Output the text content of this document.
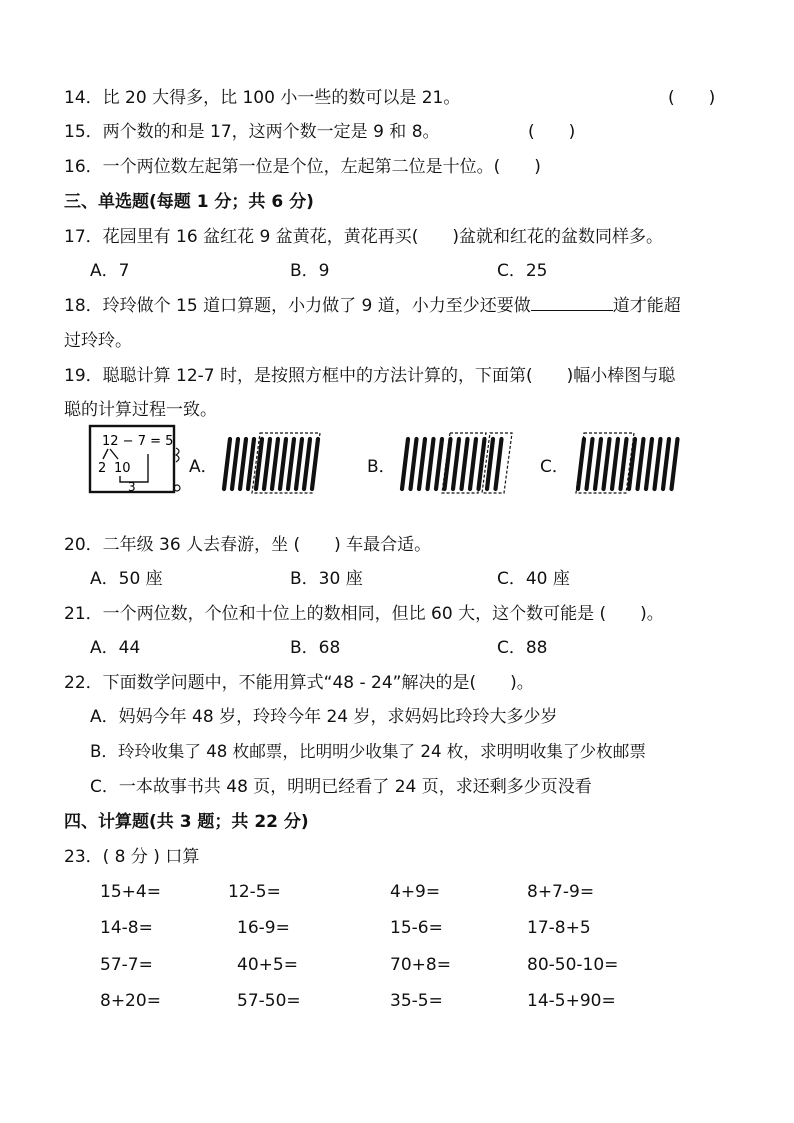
14．比 20 大得多，比 100 小一些的数可以是 21。	(　　)
15．两个数的和是 17，这两个数一定是 9 和 8。	(　　)
16．一个两位数左起第一位是个位，左起第二位是十位。(　　)
三、单选题(每题 1 分；共 6 分)
17．花园里有 16 盆红花 9 盆黄花，黄花再买(　　)盆就和红花的盆数同样多。
A．7	B．9	C．25
18．玲玲做个 15 道口算题，小力做了 9 道，小力至少还要做	道才能超
过玲玲。
19．聪聪计算 12-7 时，是按照方框中的方法计算的，下面第(　　)幅小棒图与聪
聪的计算过程一致。
12 − 7 = 5
2 10
3
A．	B．	C．
20．二年级 36 人去春游，坐 (　　) 车最合适。
A．50 座	B．30 座	C．40 座
21．一个两位数，个位和十位上的数相同，但比 60 大，这个数可能是 (　　)。
A．44	B．68	C．88
22．下面数学问题中，不能用算式“48 - 24”解决的是(　　)。
A．妈妈今年 48 岁，玲玲今年 24 岁，求妈妈比玲玲大多少岁
B．玲玲收集了 48 枚邮票，比明明少收集了 24 枚，求明明收集了少枚邮票
C．一本故事书共 48 页，明明已经看了 24 页，求还剩多少页没看
四、计算题(共 3 题；共 22 分)
23．( 8 分 ) 口算
15+4=	12-5=	4+9=	8+7-9=
14-8=	16-9=	15-6=	17-8+5
57-7=	40+5=	70+8=	80-50-10=
8+20=	57-50=	35-5=	14-5+90=
